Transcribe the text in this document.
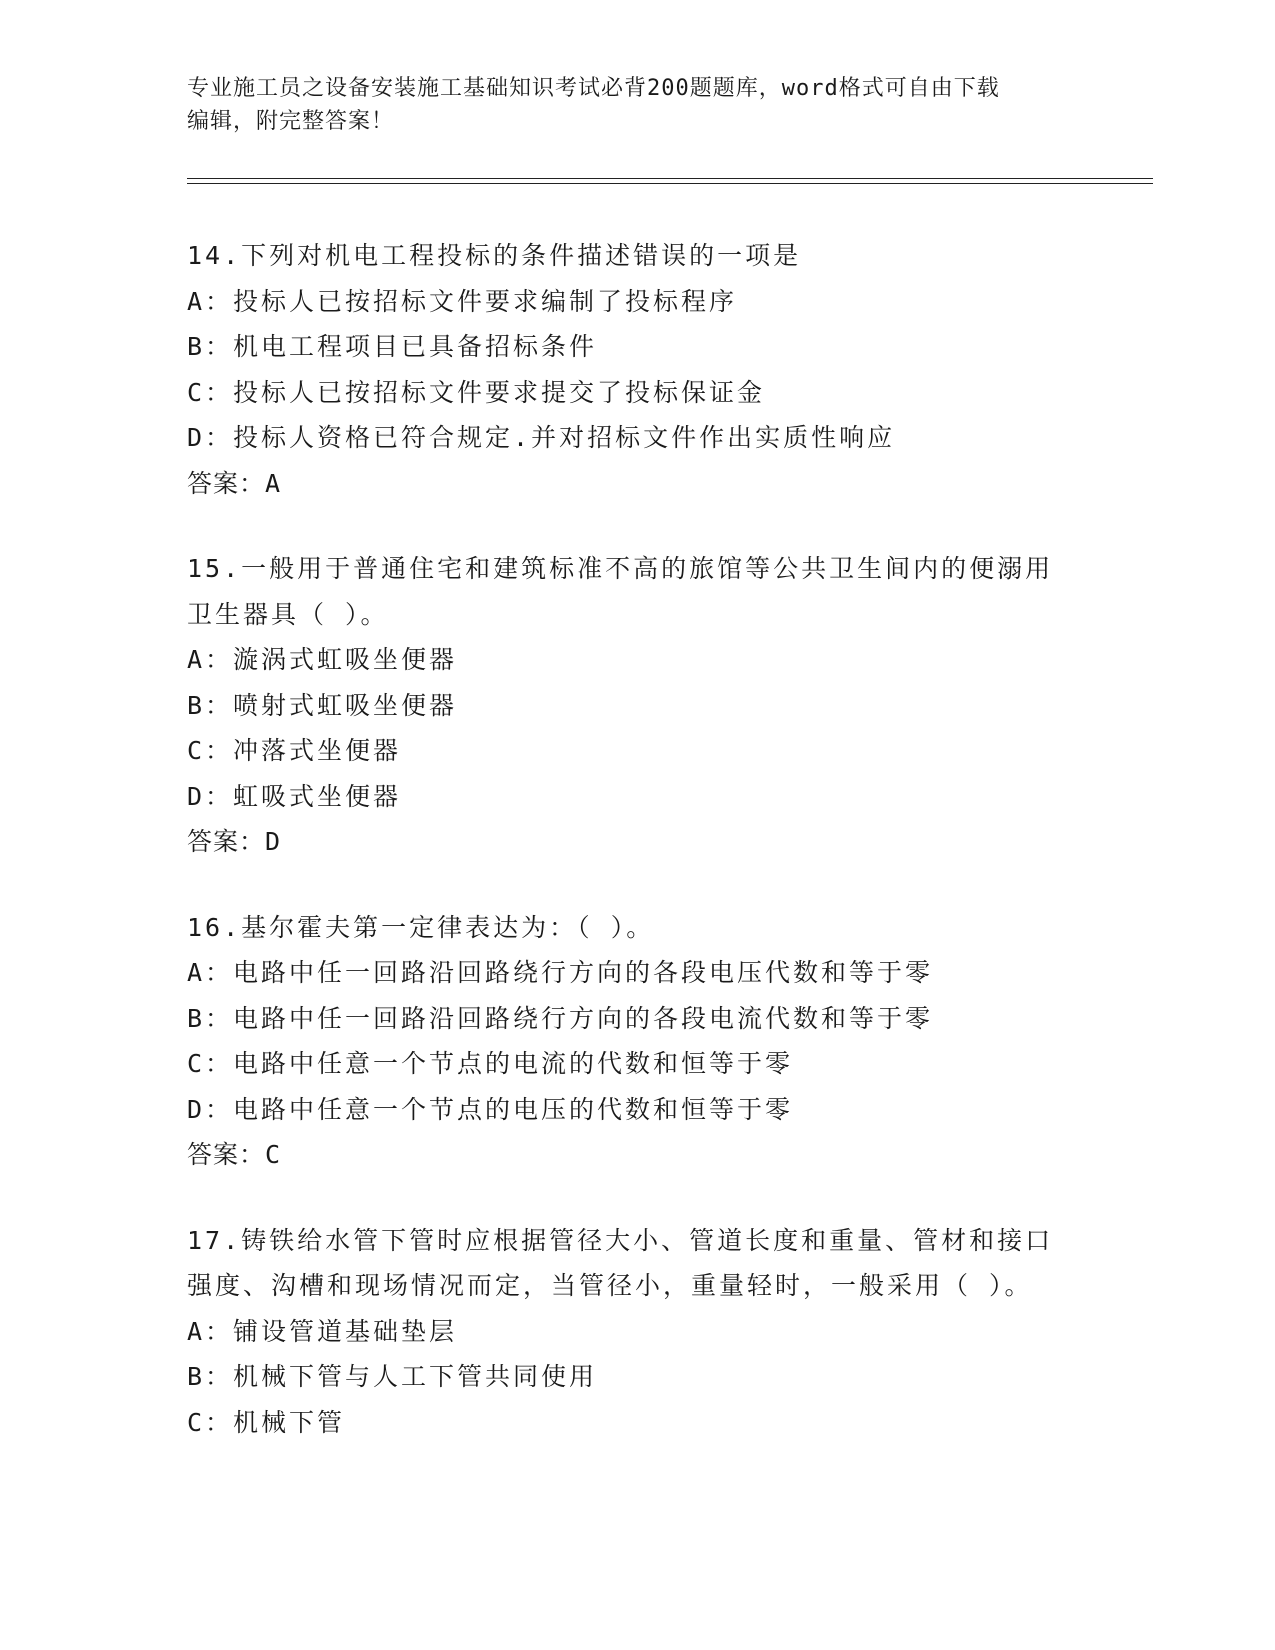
专业施工员之设备安装施工基础知识考试必背200题题库，word格式可自由下载
编辑，附完整答案！
14.下列对机电工程投标的条件描述错误的一项是
A：投标人已按招标文件要求编制了投标程序
B：机电工程项目已具备招标条件
C：投标人已按招标文件要求提交了投标保证金
D：投标人资格已符合规定.并对招标文件作出实质性响应
答案：A
15.一般用于普通住宅和建筑标准不高的旅馆等公共卫生间内的便溺用
卫生器具（ ）。
A：漩涡式虹吸坐便器
B：喷射式虹吸坐便器
C：冲落式坐便器
D：虹吸式坐便器
答案：D
16.基尔霍夫第一定律表达为：（ ）。
A：电路中任一回路沿回路绕行方向的各段电压代数和等于零
B：电路中任一回路沿回路绕行方向的各段电流代数和等于零
C：电路中任意一个节点的电流的代数和恒等于零
D：电路中任意一个节点的电压的代数和恒等于零
答案：C
17.铸铁给水管下管时应根据管径大小、管道长度和重量、管材和接口
强度、沟槽和现场情况而定，当管径小，重量轻时，一般采用（ ）。
A：铺设管道基础垫层
B：机械下管与人工下管共同使用
C：机械下管
